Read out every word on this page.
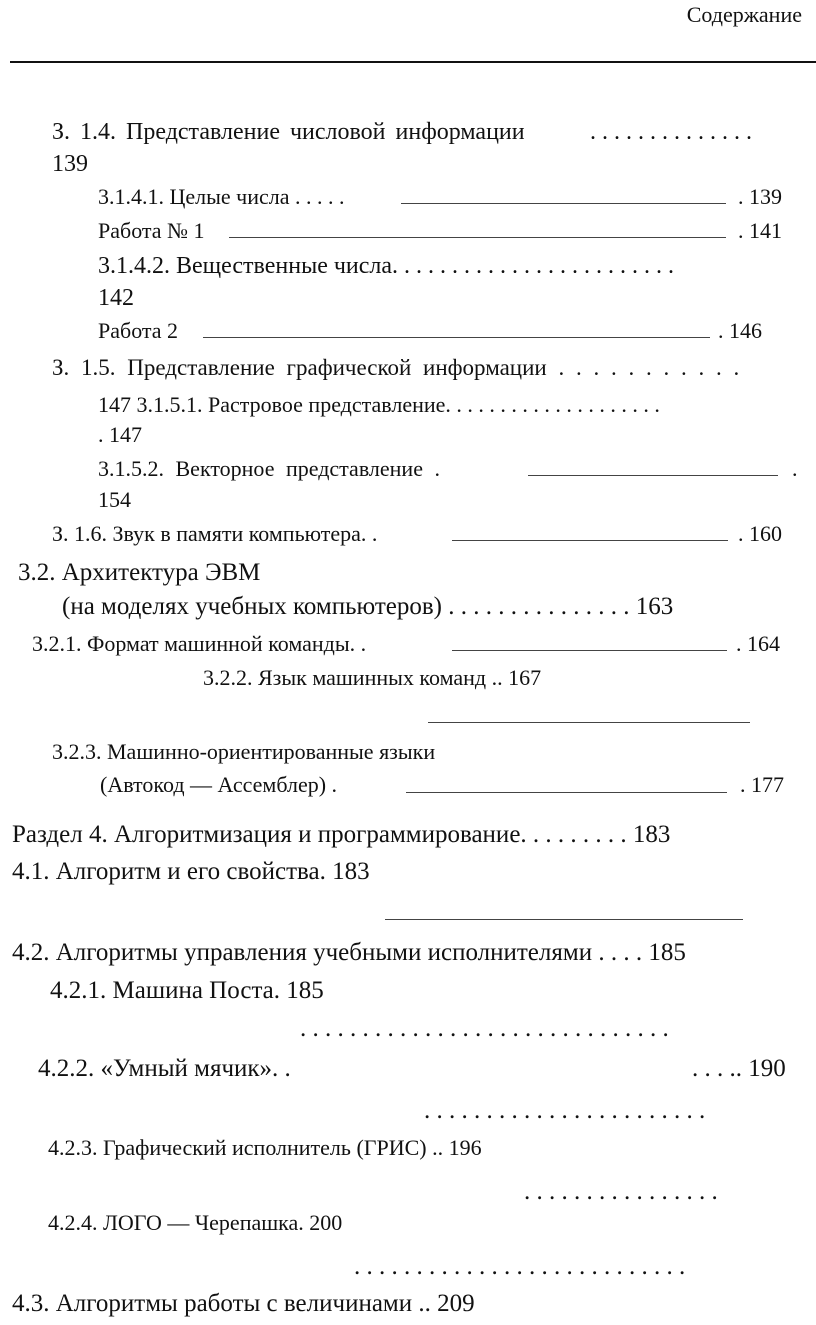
Содержание
З. 1.4. Представление числовой информации	. . . . . . . . . . . . . .
139
3.1.4.1. Целые числа . . . . .	. 139
Работа № 1	. 141
3.1.4.2. Вещественные числа. . . . . . . . . . . . . . . . . . . . . . . .
142
Работа 2	. 146
З. 1.5. Представление графической информации . . . . . . . . . . .
147 3.1.5.1. Растровое представление. . . . . . . . . . . . . . . . . . . .
. 147
3.1.5.2. Векторное представление .	.
154
З. 1.6. Звук в памяти компьютера. .	. 160
3.2. Архитектура ЭВМ
(на моделях учебных компьютеров) . . . . . . . . . . . . . . . 163
3.2.1. Формат машинной команды. .	. 164
3.2.2. Язык машинных команд .. 167
3.2.3. Машинно-ориентированные языки
(Автокод — Ассемблер) .	. 177
Раздел 4. Алгоритмизация и программирование. . . . . . . . . 183
4.1. Алгоритм и его свойства. 183
4.2. Алгоритмы управления учебными исполнителями . . . . 185
4.2.1. Машина Поста. 185
. . . . . . . . . . . . . . . . . . . . . . . . . . . . . .
4.2.2. «Умный мячик». .	. . . .. 190
. . . . . . . . . . . . . . . . . . . . . . .
4.2.3. Графический исполнитель (ГРИС) .. 196
. . . . . . . . . . . . . . . .
4.2.4. ЛОГО — Черепашка. 200
. . . . . . . . . . . . . . . . . . . . . . . . . . .
4.3. Алгоритмы работы с величинами .. 209
